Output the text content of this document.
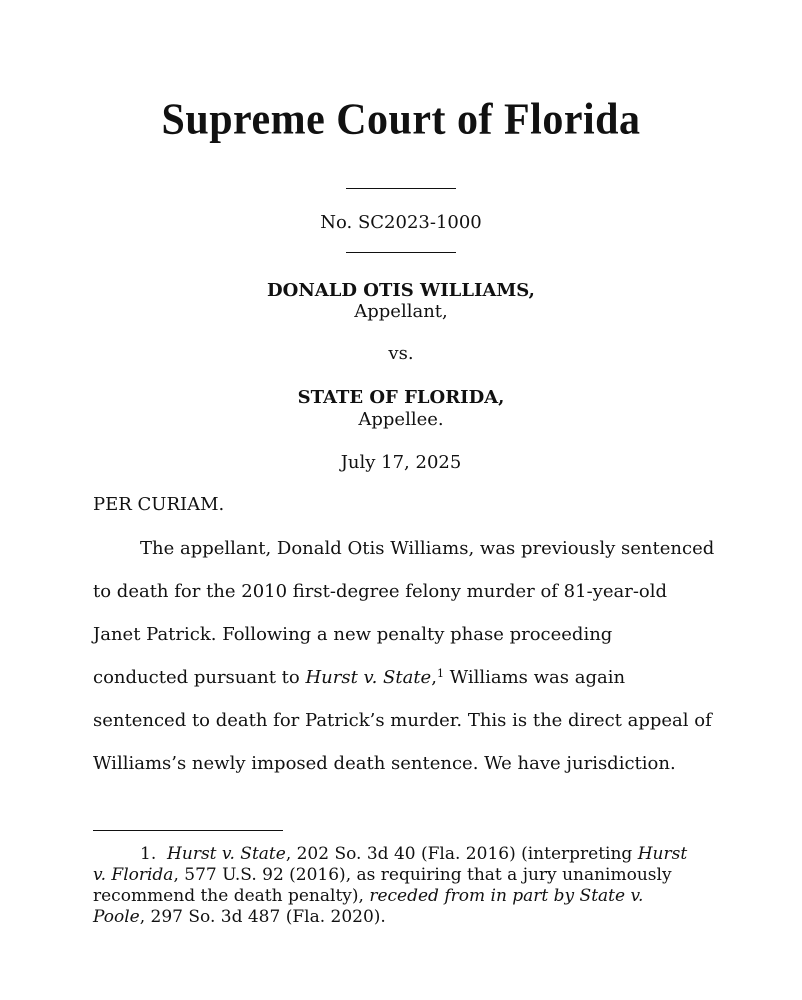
Supreme Court of Florida
No. SC2023-1000
DONALD OTIS WILLIAMS,
Appellant,
vs.
STATE OF FLORIDA,
Appellee.
July 17, 2025
PER CURIAM.
The appellant, Donald Otis Williams, was previously sentenced
to death for the 2010 first-degree felony murder of 81-year-old
Janet Patrick. Following a new penalty phase proceeding
conducted pursuant to Hurst v. State,$^1$ Williams was again
sentenced to death for Patrick’s murder. This is the direct appeal of
Williams’s newly imposed death sentence. We have jurisdiction.
1. Hurst v. State, 202 So. 3d 40 (Fla. 2016) (interpreting Hurst
v. Florida, 577 U.S. 92 (2016), as requiring that a jury unanimously
recommend the death penalty), receded from in part by State v.
Poole, 297 So. 3d 487 (Fla. 2020).
